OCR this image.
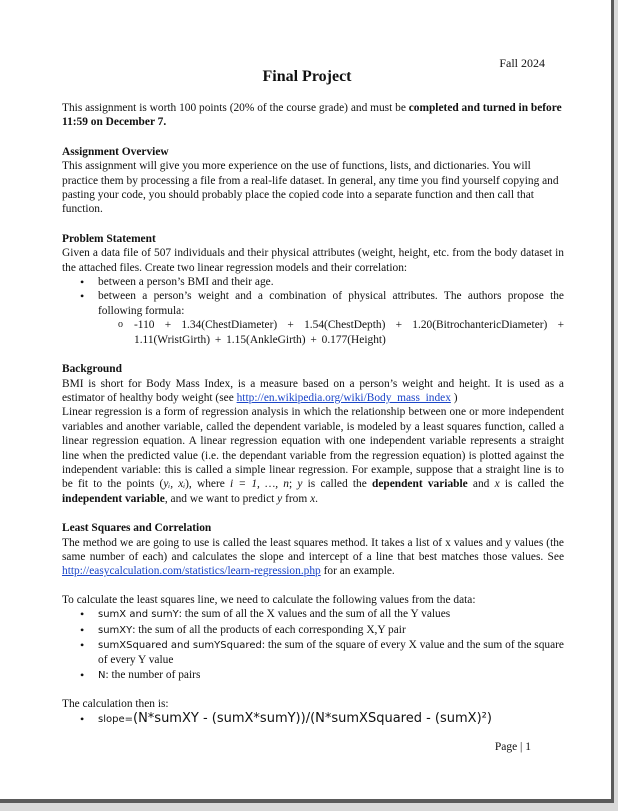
Fall 2024
Final Project

This assignment is worth 100 points (20% of the course grade) and must be completed and turned in before 11:59 on December 7.

Assignment Overview

This assignment will give you more experience on the use of functions, lists, and dictionaries. You will practice them by processing a file from a real-life dataset. In general, any time you find yourself copying and pasting your code, you should probably place the copied code into a separate function and then call that function.

Problem Statement

Given a data file of 507 individuals and their physical attributes (weight, height, etc. from the body dataset in the attached files. Create two linear regression models and their correlation:

• between a person’s BMI and their age.
• between a person’s weight and a combination of physical attributes. The authors propose the following formula:
o -110 + 1.34(ChestDiameter) + 1.54(ChestDepth) + 1.20(BitrochantericDiameter) + 1.11(WristGirth) + 1.15(AnkleGirth) + 0.177(Height)
Background

BMI is short for Body Mass Index, is a measure based on a person’s weight and height. It is used as a estimator of healthy body weight (see http://en.wikipedia.org/wiki/Body_mass_index )

Linear regression is a form of regression analysis in which the relationship between one or more independent variables and another variable, called the dependent variable, is modeled by a least squares function, called a linear regression equation. A linear regression equation with one independent variable represents a straight line when the predicted value (i.e. the dependant variable from the regression equation) is plotted against the independent variable: this is called a simple linear regression. For example, suppose that a straight line is to be fit to the points (yᵢ, xᵢ), where i = 1, …, n; y is called the dependent variable and x is called the independent variable, and we want to predict y from x.

Least Squares and Correlation

The method we are going to use is called the least squares method. It takes a list of x values and y values (the same number of each) and calculates the slope and intercept of a line that best matches those values. See http://easycalculation.com/statistics/learn-regression.php for an example.

To calculate the least squares line, we need to calculate the following values from the data:

• sumX and sumY: the sum of all the X values and the sum of all the Y values
• sumXY: the sum of all the products of each corresponding X,Y pair
• sumXSquared and sumYSquared: the sum of the square of every X value and the sum of the square of every Y value
• N: the number of pairs

The calculation then is:

• slope=(N*sumXY - (sumX*sumY))/(N*sumXSquared - (sumX)²)
Page | 1
